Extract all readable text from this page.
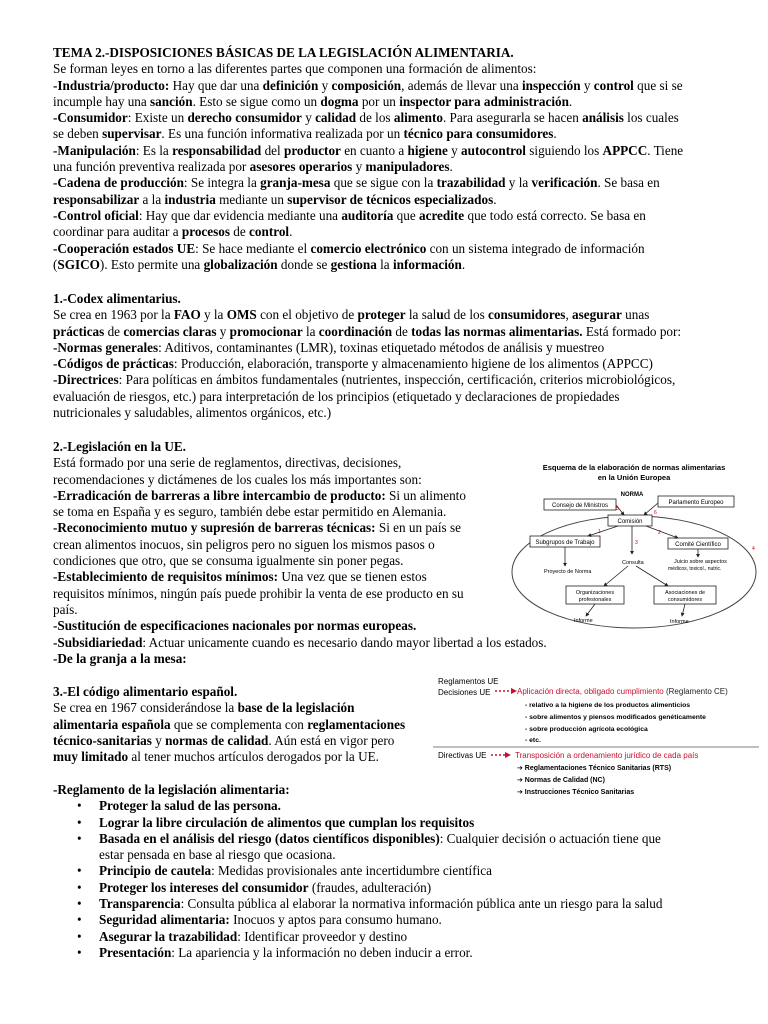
TEMA 2.-DISPOSICIONES BÁSICAS DE LA LEGISLACIÓN ALIMENTARIA.
Se forman leyes en torno a las diferentes partes que componen una formación de alimentos:
-Industria/producto: Hay que dar una definición y composición, además de llevar una inspección y control que si se
incumple hay una sanción. Esto se sigue como un dogma por un inspector para administración.
-Consumidor: Existe un derecho consumidor y calidad de los alimento. Para asegurarla se hacen análisis los cuales
se deben supervisar. Es una función informativa realizada por un técnico para consumidores.
-Manipulación: Es la responsabilidad del productor en cuanto a higiene y autocontrol siguiendo los APPCC. Tiene
una función preventiva realizada por asesores operarios y manipuladores.
-Cadena de producción: Se integra la granja-mesa que se sigue con la trazabilidad y la verificación. Se basa en
responsabilizar a la industria mediante un supervisor de técnicos especializados.
-Control oficial: Hay que dar evidencia mediante una auditoría que acredite que todo está correcto. Se basa en
coordinar para auditar a procesos de control.
-Cooperación estados UE: Se hace mediante el comercio electrónico con un sistema integrado de información
(SGICO). Esto permite una globalización donde se gestiona la información.
1.-Codex alimentarius.
Se crea en 1963 por la FAO y la OMS con el objetivo de proteger la salud de los consumidores, asegurar unas
prácticas de comercias claras y promocionar la coordinación de todas las normas alimentarias. Está formado por:
-Normas generales: Aditivos, contaminantes (LMR), toxinas etiquetado métodos de análisis y muestreo
-Códigos de prácticas: Producción, elaboración, transporte y almacenamiento higiene de los alimentos (APPCC)
-Directrices: Para políticas en ámbitos fundamentales (nutrientes, inspección, certificación, criterios microbiológicos,
evaluación de riesgos, etc.) para interpretación de los principios (etiquetado y declaraciones de propiedades
nutricionales y saludables, alimentos orgánicos, etc.)
2.-Legislación en la UE.
Está formado por una serie de reglamentos, directivas, decisiones,
recomendaciones y dictámenes de los cuales los más importantes son:
-Erradicación de barreras a libre intercambio de producto: Si un alimento
se toma en España y es seguro, también debe estar permitido en Alemania.
-Reconocimiento mutuo y supresión de barreras técnicas: Si en un país se
crean alimentos inocuos, sin peligros pero no siguen los mismos pasos o
condiciones que otro, que se consuma igualmente sin poner pegas.
-Establecimiento de requisitos mínimos: Una vez que se tienen estos
requisitos mínimos, ningún país puede prohibir la venta de ese producto en su
país.
-Sustitución de especificaciones nacionales por normas europeas.
-Subsidiariedad: Actuar unicamente cuando es necesario dando mayor libertad a los estados.
-De la granja a la mesa:
3.-El código alimentario español.
Se crea en 1967 considerándose la base de la legislación
alimentaria española que se complementa con reglamentaciones
técnico-sanitarias y normas de calidad. Aún está en vigor pero
muy limitado al tener muchos artículos derogados por la UE.
-Reglamento de la legislación alimentaria:
• Proteger la salud de las persona.
• Lograr la libre circulación de alimentos que cumplan los requisitos
• Basada en el análisis del riesgo (datos científicos disponibles): Cualquier decisión o actuación tiene que
estar pensada en base al riesgo que ocasiona.
• Principio de cautela: Medidas provisionales ante incertidumbre científica
• Proteger los intereses del consumidor (fraudes, adulteración)
• Transparencia: Consulta pública al elaborar la normativa información pública ante un riesgo para la salud
• Seguridad alimentaria: Inocuos y aptos para consumo humano.
• Asegurar la trazabilidad: Identificar proveedor y destino
• Presentación: La apariencia y la información no deben inducir a error.
Esquema de la elaboración de normas alimentarias
en la Unión Europea
NORMA
Consejo de Ministros	Parlamento Europeo
Comisión
Subgrupos de Trabajo	Comité Científico
Proyecto de Norma
Consulta	Juicio sobre aspectos
médicos, toxicol., nutric.
Organizaciones
profesionales
Asociaciones de
consumidores
Informe	Informe
5
6
1	2
3
4
Reglamentos UE
Decisiones UE	Aplicación directa, obligado cumplimiento (Reglamento CE)
- relativo a la higiene de los productos alimenticios
- sobre alimentos y piensos modificados genéticamente
- sobre producción agrícola ecológica
- etc.
Directivas UE	Transposición a ordenamiento jurídico de cada país
➔ Reglamentaciones Técnico Sanitarias (RTS)
➔ Normas de Calidad (NC)
➔ Instrucciones Técnico Sanitarias
